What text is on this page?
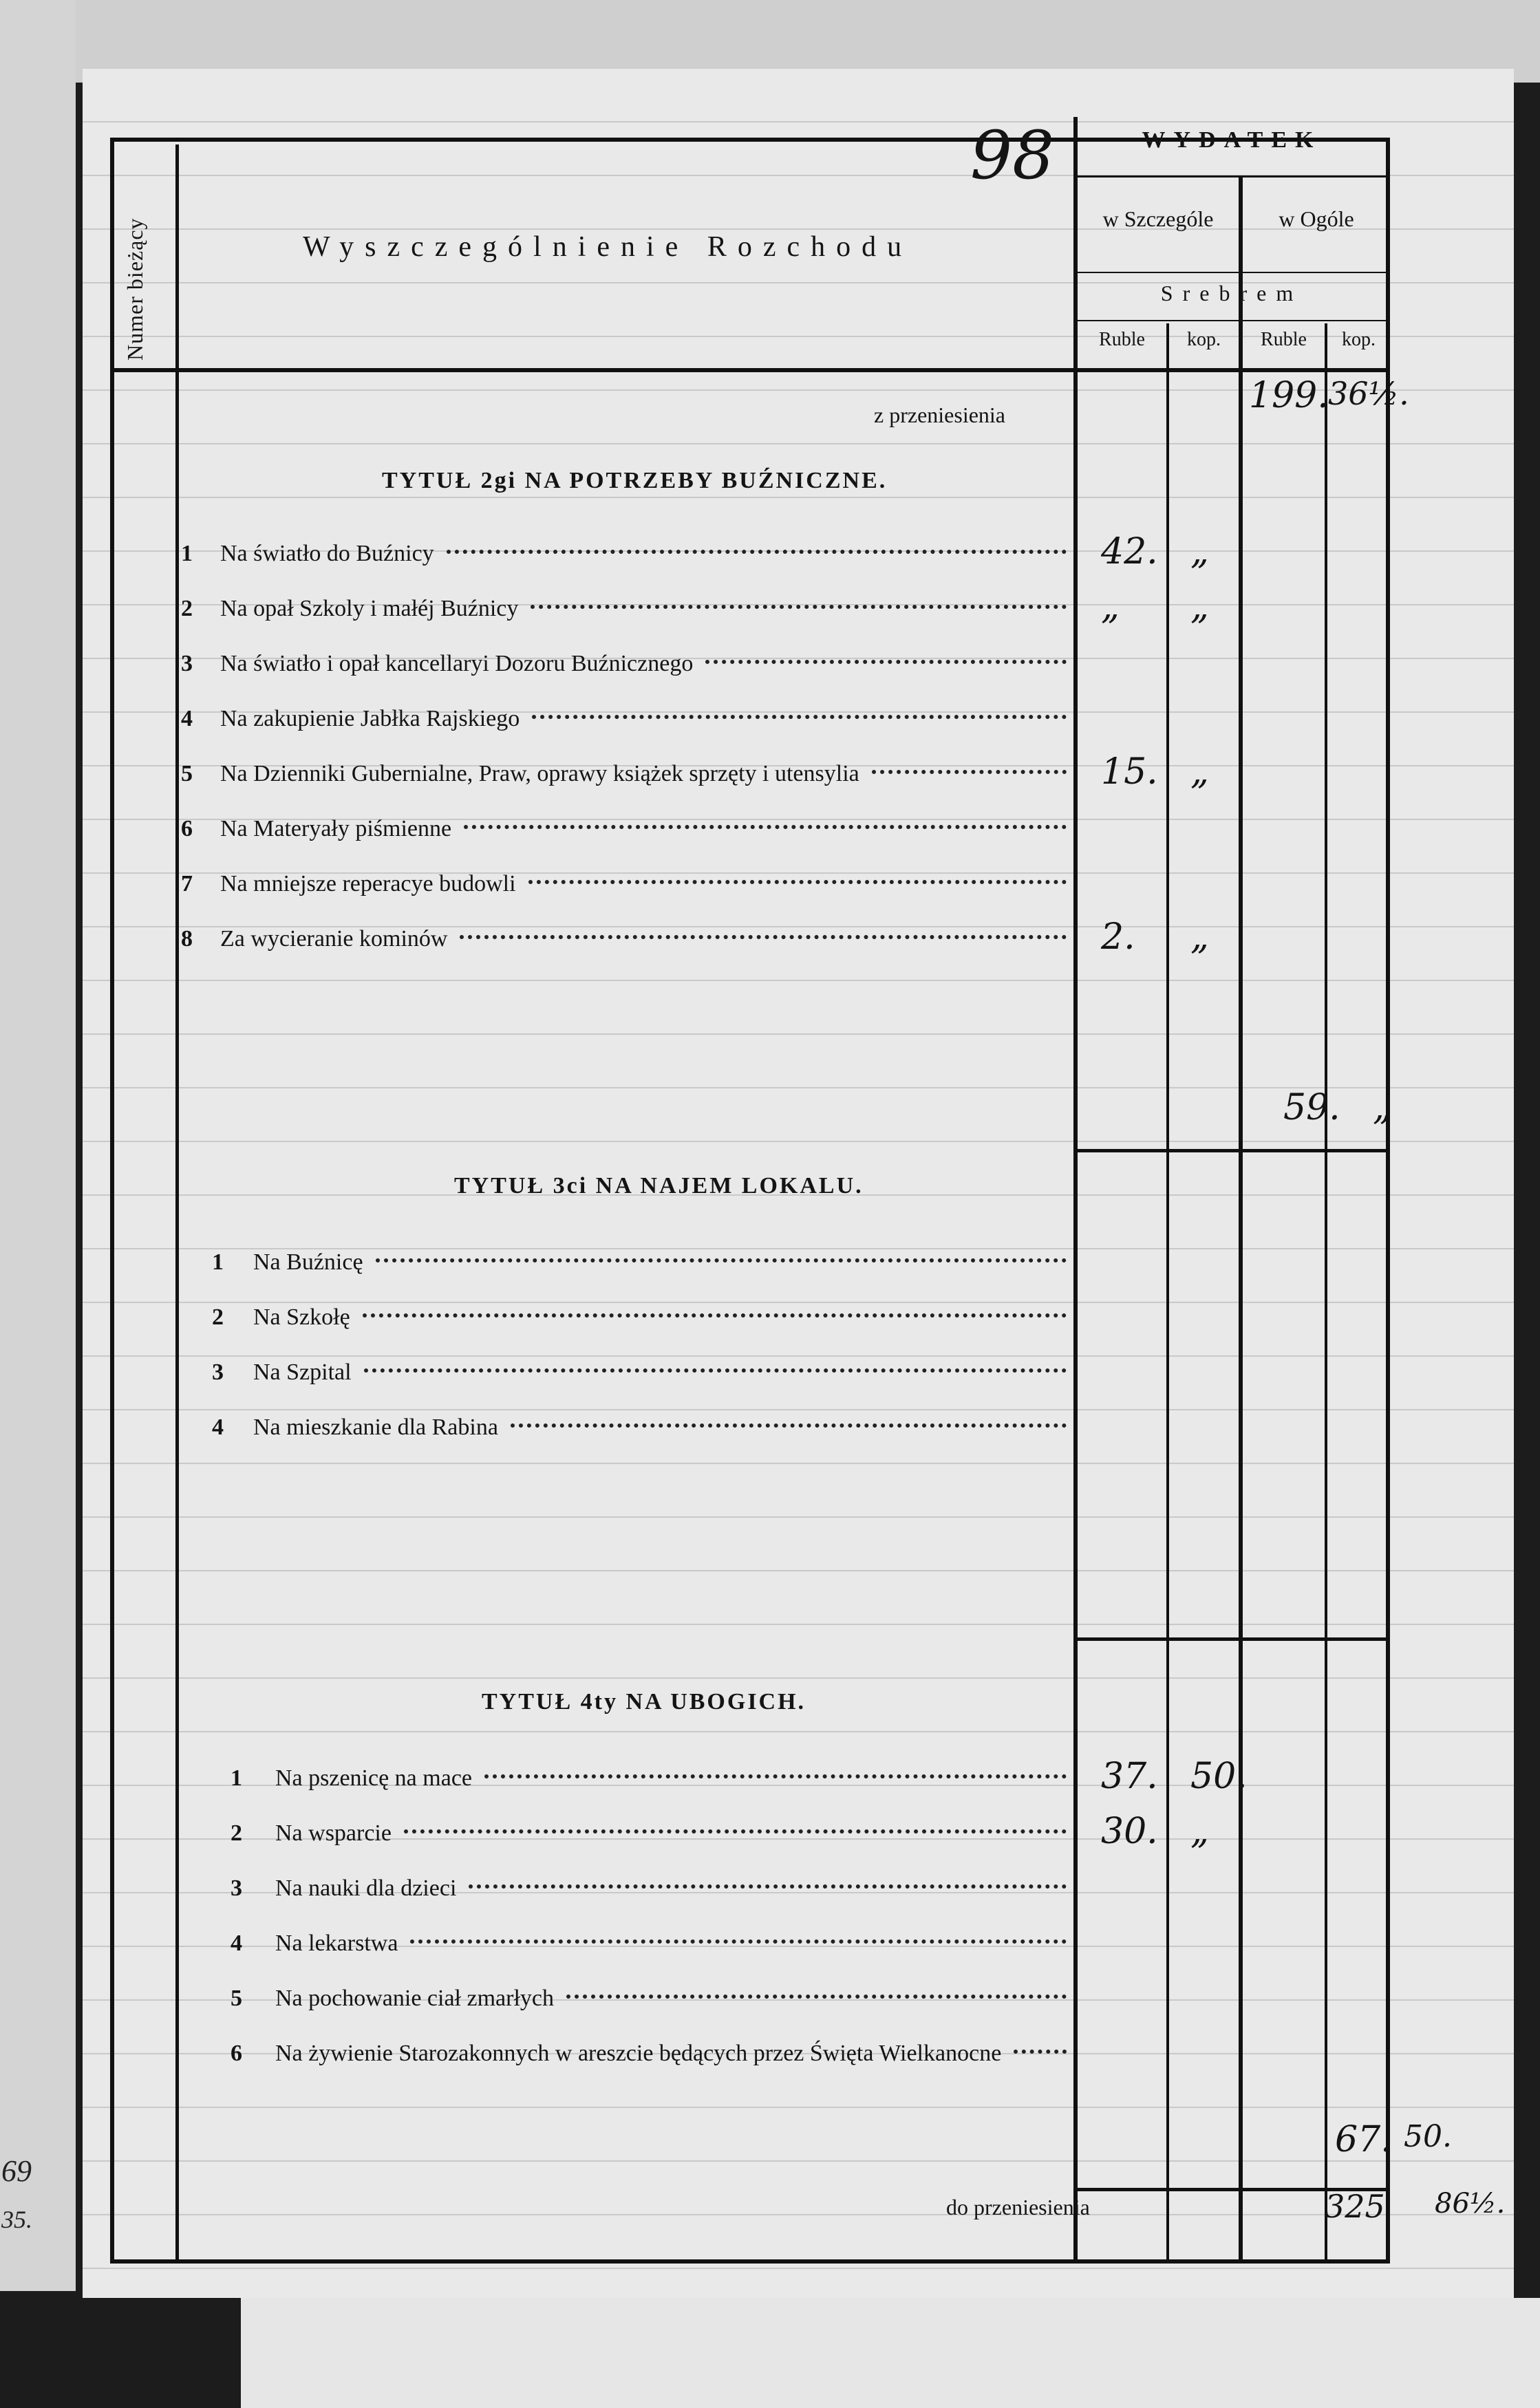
69
35.
Numer bieżący	Wyszczególnienie Rozchodu
98	WYDATEK
w Szczególe	w Ogóle
Srebrem
Ruble	kop.	Ruble	kop.
z przeniesienia	199. 36½.
TYTUŁ 2gi NA POTRZEBY BUŹNICZNE.
1 Na światło do Buźnicy	42. „
2 Na opał Szkoly i małéj Buźnicy	„ „
3 Na światło i opał kancellaryi Dozoru Buźnicznego
4 Na zakupienie Jabłka Rajskiego
5 Na Dzienniki Gubernialne, Praw, oprawy książek sprzęty i utensylia	15. „
6 Na Materyały piśmienne
7 Na mniejsze reperacye budowli
8 Za wycieranie kominów	2. „
59. „
TYTUŁ 3ci NA NAJEM LOKALU.
1 Na Buźnicę
2 Na Szkołę
3 Na Szpital
4 Na mieszkanie dla Rabina
TYTUŁ 4ty NA UBOGICH.
1 Na pszenicę na mace	37. 50.
2 Na wsparcie	30. „
3 Na nauki dla dzieci
4 Na lekarstwa
5 Na pochowanie ciał zmarłych
6 Na żywienie Starozakonnych w areszcie będących przez Święta Wielkanocne
67. 50.
do przeniesienia	325 86½.
